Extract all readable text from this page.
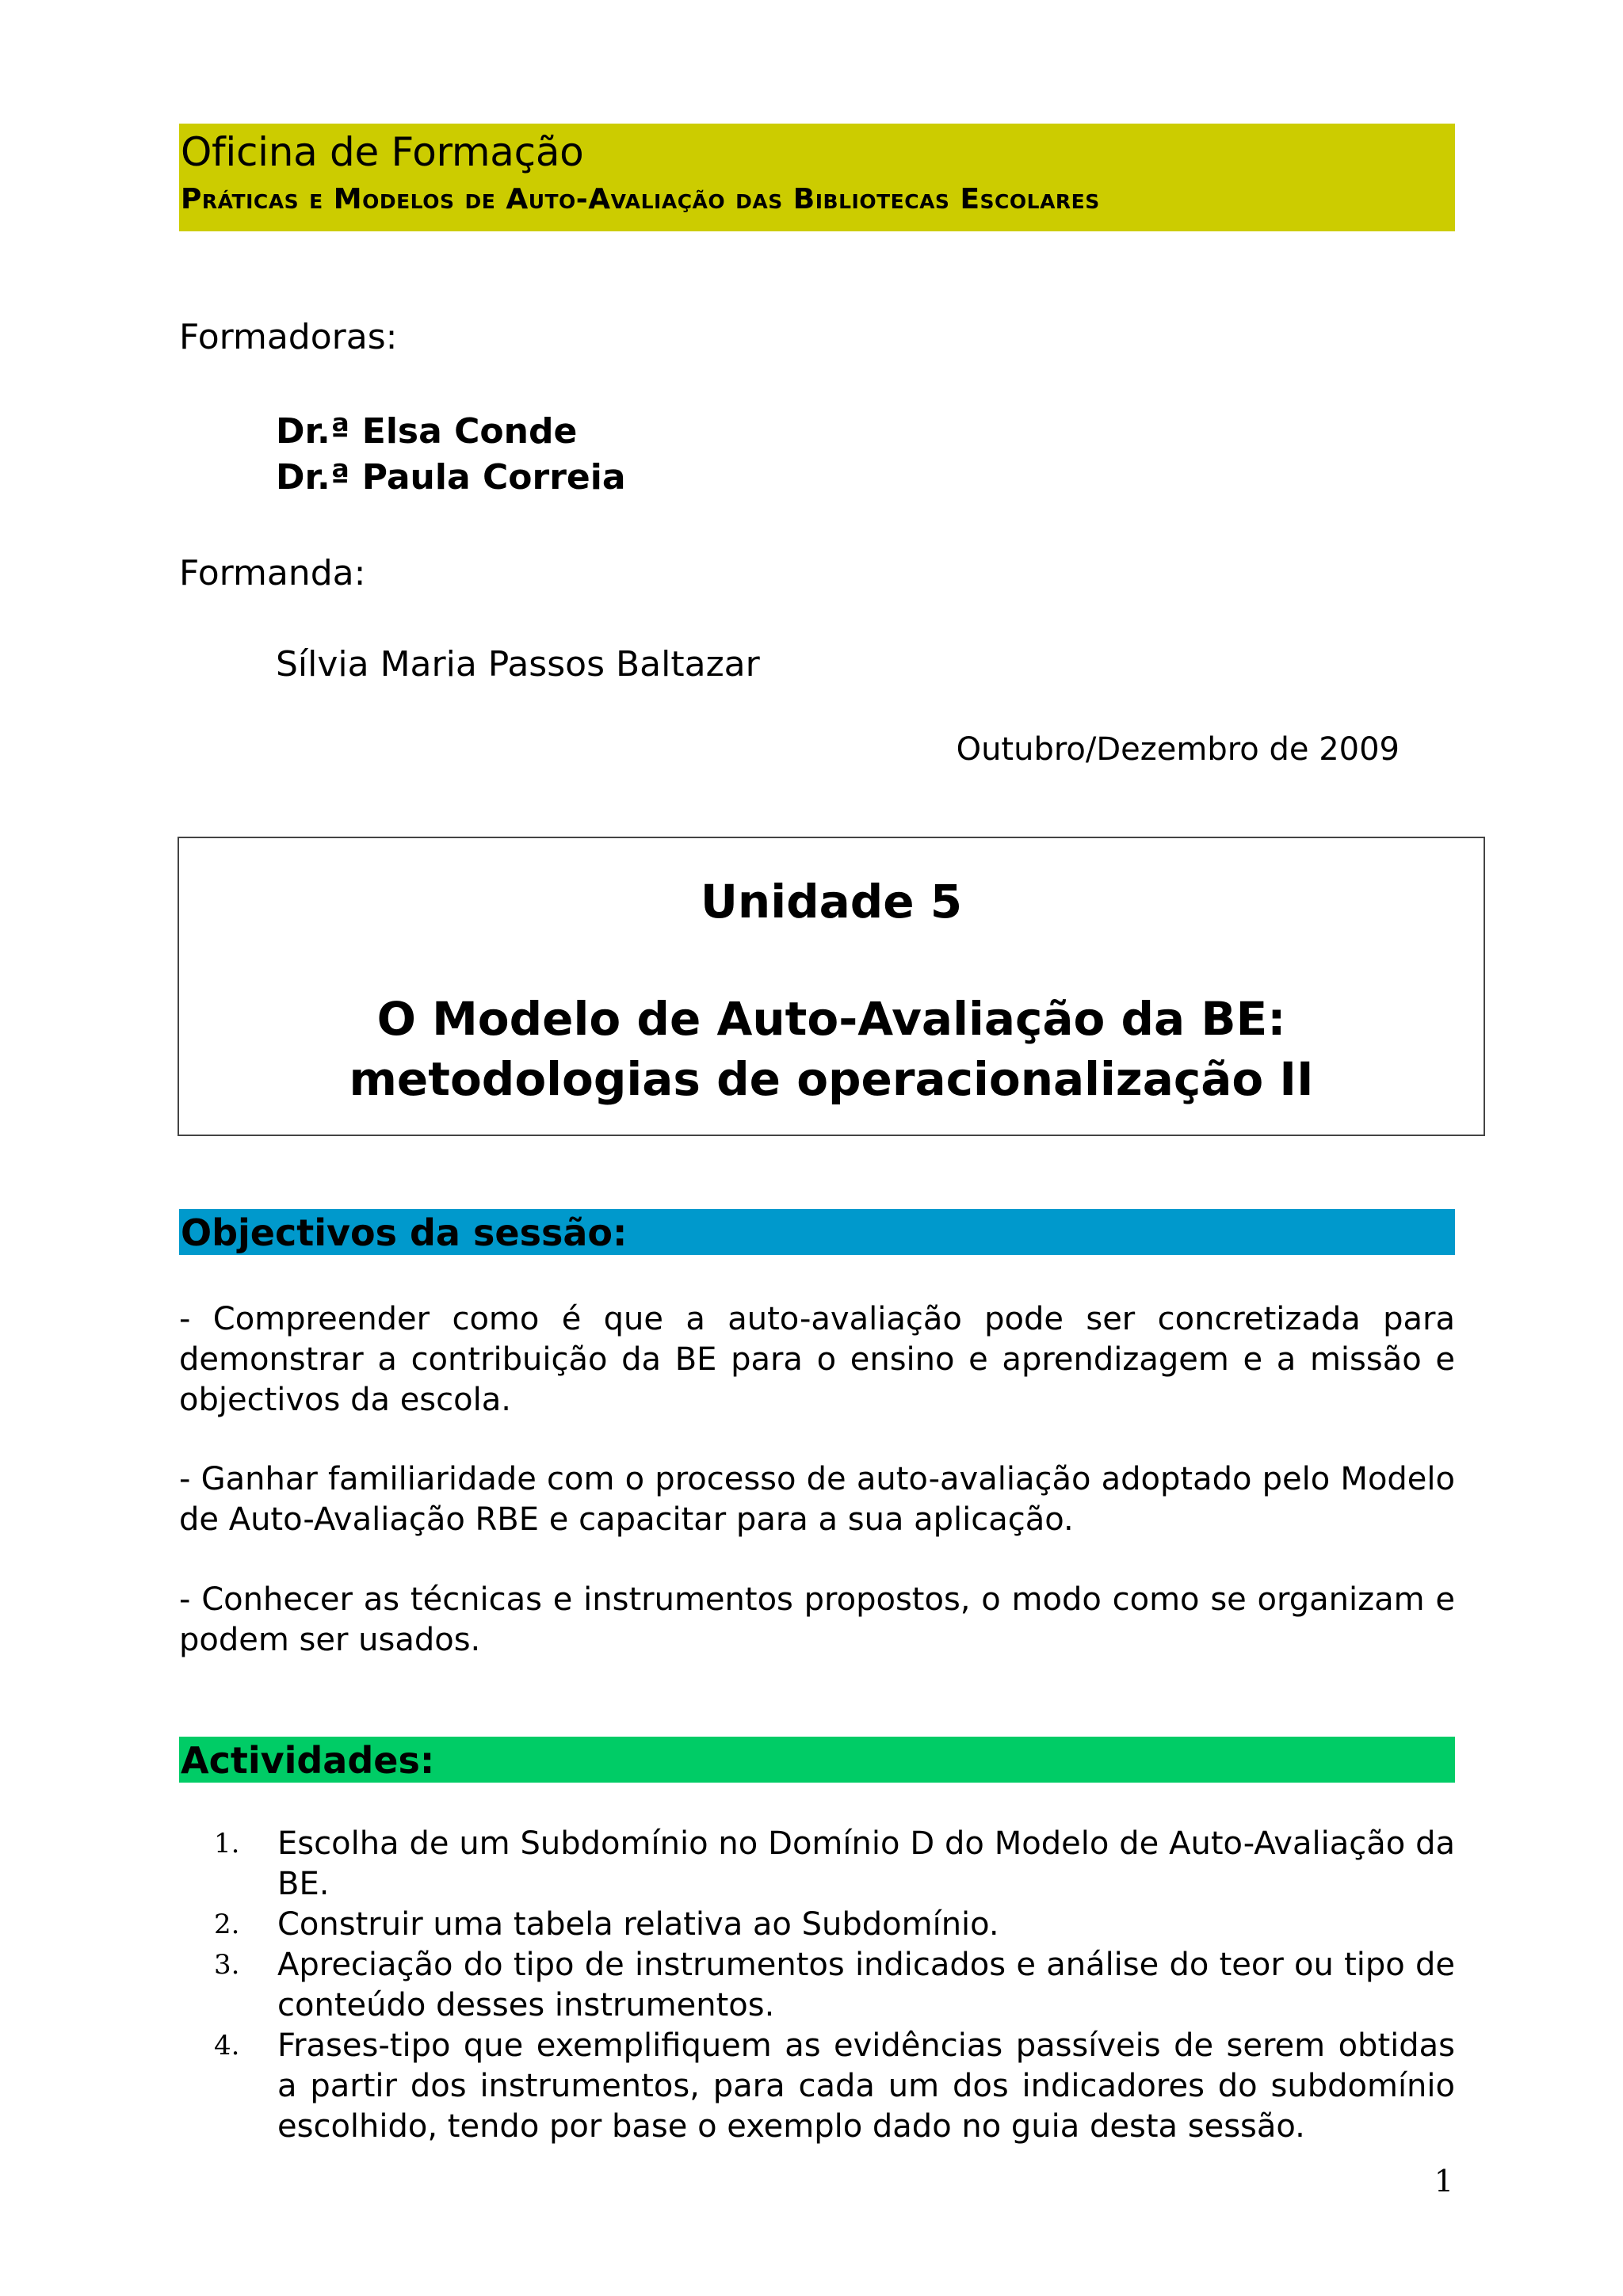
Oficina de Formação
Práticas e Modelos de Auto-Avaliação das Bibliotecas Escolares
Formadoras:
Dr.ª Elsa Conde
Dr.ª Paula Correia
Formanda:
Sílvia Maria Passos Baltazar
Outubro/Dezembro de 2009
Unidade 5
O Modelo de Auto-Avaliação da BE: metodologias de operacionalização II
Objectivos da sessão:

- Compreender como é que a auto-avaliação pode ser concretizada para demonstrar a contribuição da BE para o ensino e aprendizagem e a missão e objectivos da escola.

- Ganhar familiaridade com o processo de auto-avaliação adoptado pelo Modelo de Auto-Avaliação RBE e capacitar para a sua aplicação.

- Conhecer as técnicas e instrumentos propostos, o modo como se organizam e podem ser usados.

Actividades:
1. Escolha de um Subdomínio no Domínio D do Modelo de Auto-Avaliação da BE.
2. Construir uma tabela relativa ao Subdomínio.
3. Apreciação do tipo de instrumentos indicados e análise do teor ou tipo de conteúdo desses instrumentos.
4. Frases-tipo que exemplifiquem as evidências passíveis de serem obtidas a partir dos instrumentos, para cada um dos indicadores do subdomínio escolhido, tendo por base o exemplo dado no guia desta sessão.
1
